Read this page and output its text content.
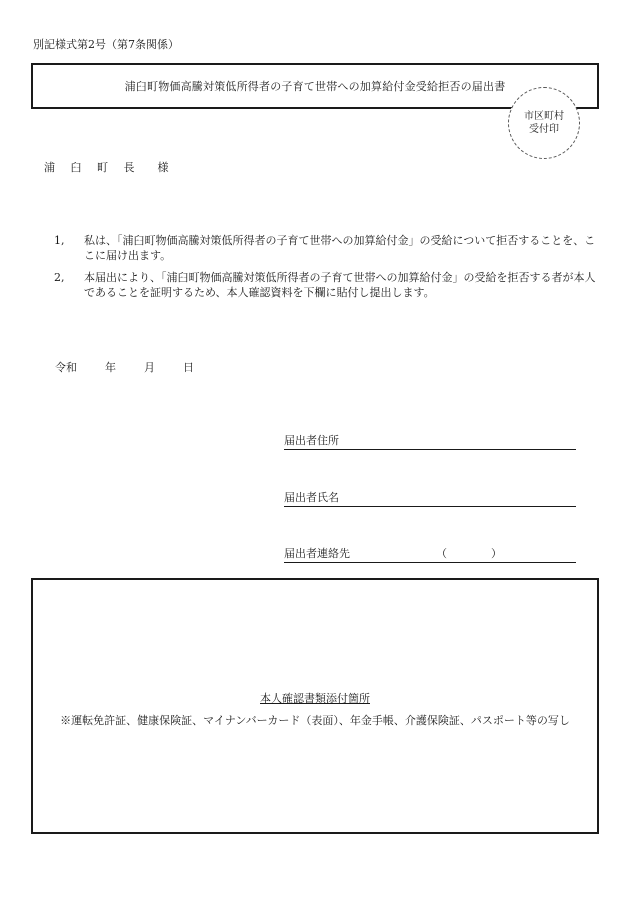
別記様式第2号（第7条関係）
浦臼町物価高騰対策低所得者の子育て世帯への加算給付金受給拒否の届出書
市区町村
受付印
浦 臼 町 長　様
1,	私は、「浦臼町物価高騰対策低所得者の子育て世帯への加算給付金」の受給について拒否することを、ここに届け出ます。
2,	本届出により、「浦臼町物価高騰対策低所得者の子育て世帯への加算給付金」の受給を拒否する者が本人であることを証明するため、本人確認資料を下欄に貼付し提出します。
令和	年	月	日
届出者住所
届出者氏名
届出者連絡先	（	）
本人確認書類添付箇所
※運転免許証、健康保険証、マイナンバーカード（表面）、年金手帳、介護保険証、パスポート等の写し
